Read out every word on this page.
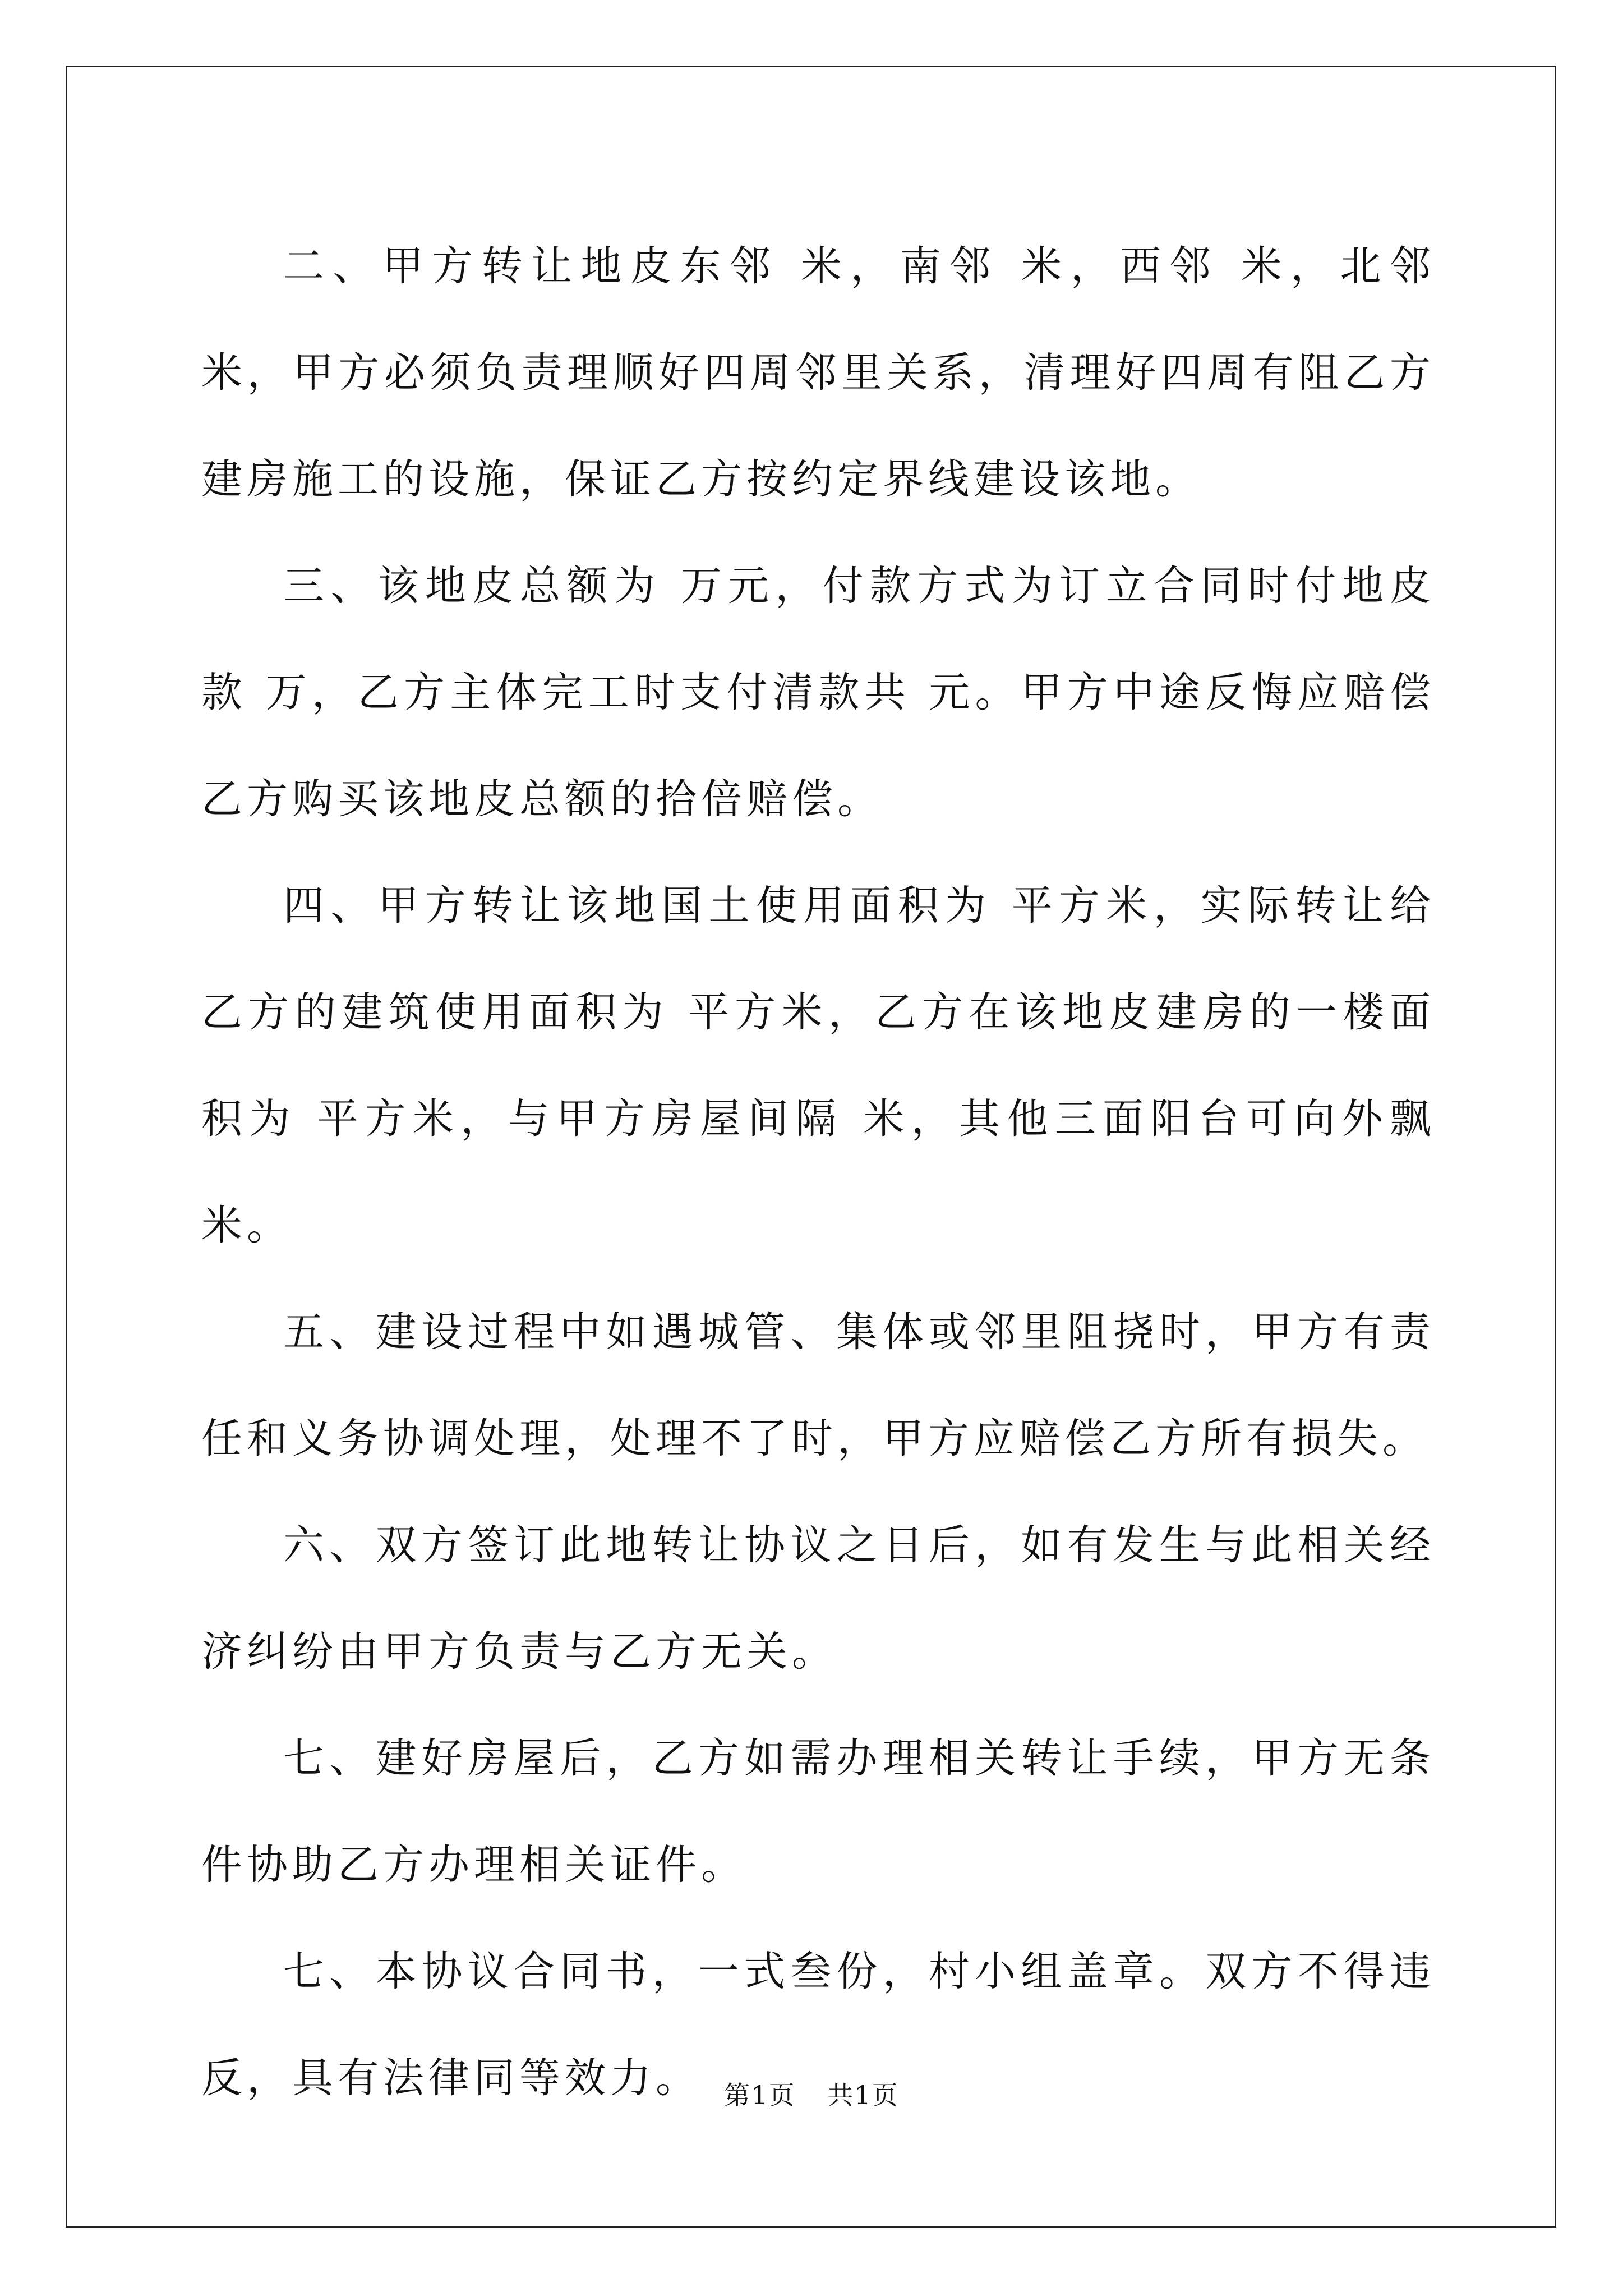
二、甲方转让地皮东邻 米，南邻 米，西邻 米，北邻 米，甲方必须负责理顺好四周邻里关系，清理好四周有阻乙方建房施工的设施，保证乙方按约定界线建设该地。

三、该地皮总额为 万元，付款方式为订立合同时付地皮款 万，乙方主体完工时支付清款共 元。甲方中途反悔应赔偿乙方购买该地皮总额的拾倍赔偿。

四、甲方转让该地国土使用面积为 平方米，实际转让给乙方的建筑使用面积为 平方米，乙方在该地皮建房的一楼面积为 平方米，与甲方房屋间隔 米，其他三面阳台可向外飘 米。

五、建设过程中如遇城管、集体或邻里阻挠时，甲方有责任和义务协调处理，处理不了时，甲方应赔偿乙方所有损失。

六、双方签订此地转让协议之日后，如有发生与此相关经济纠纷由甲方负责与乙方无关。

七、建好房屋后，乙方如需办理相关转让手续，甲方无条件协助乙方办理相关证件。

七、本协议合同书，一式叁份，村小组盖章。双方不得违反，具有法律同等效力。 第1页 共1页
